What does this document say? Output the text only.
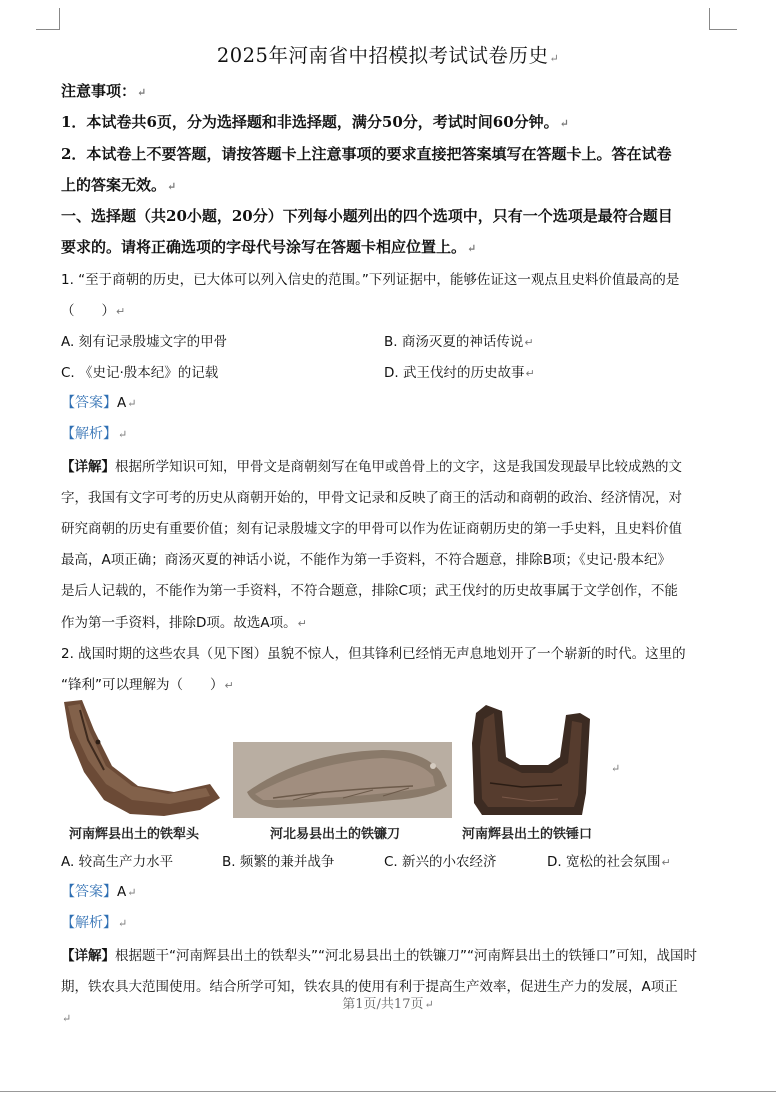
2025年河南省中招模拟考试试卷历史↵
注意事项：↵
1．本试卷共6页，分为选择题和非选择题，满分50分，考试时间60分钟。↵
2．本试卷上不要答题，请按答题卡上注意事项的要求直接把答案填写在答题卡上。答在试卷
上的答案无效。↵
一、选择题（共20小题，20分）下列每小题列出的四个选项中，只有一个选项是最符合题目
要求的。请将正确选项的字母代号涂写在答题卡相应位置上。↵
1. “至于商朝的历史，已大体可以列入信史的范围。”下列证据中，能够佐证这一观点且史料价值最高的是
（　　）↵
A. 刻有记录殷墟文字的甲骨	B. 商汤灭夏的神话传说↵
C. 《史记·殷本纪》的记载	D. 武王伐纣的历史故事↵
【答案】A↵
【解析】↵
【详解】根据所学知识可知，甲骨文是商朝刻写在龟甲或兽骨上的文字，这是我国发现最早比较成熟的文
字，我国有文字可考的历史从商朝开始的，甲骨文记录和反映了商王的活动和商朝的政治、经济情况，对
研究商朝的历史有重要价值；刻有记录殷墟文字的甲骨可以作为佐证商朝历史的第一手史料，且史料价值
最高，A项正确；商汤灭夏的神话小说，不能作为第一手资料，不符合题意，排除B项；《史记·殷本纪》
是后人记载的，不能作为第一手资料，不符合题意，排除C项；武王伐纣的历史故事属于文学创作，不能
作为第一手资料，排除D项。故选A项。↵
2. 战国时期的这些农具（见下图）虽貌不惊人，但其锋利已经悄无声息地划开了一个崭新的时代。这里的
“锋利”可以理解为（　　）↵
↵
河南辉县出土的铁犁头	河北易县出土的铁镰刀	河南辉县出土的铁锤口
A. 较高生产力水平	B. 频繁的兼并战争	C. 新兴的小农经济	D. 宽松的社会氛围↵
【答案】A↵
【解析】↵
【详解】根据题干“河南辉县出土的铁犁头”“河北易县出土的铁镰刀”“河南辉县出土的铁锤口”可知，战国时
期，铁农具大范围使用。结合所学可知，铁农具的使用有利于提高生产效率，促进生产力的发展，A项正
第1页/共17页↵
↵
